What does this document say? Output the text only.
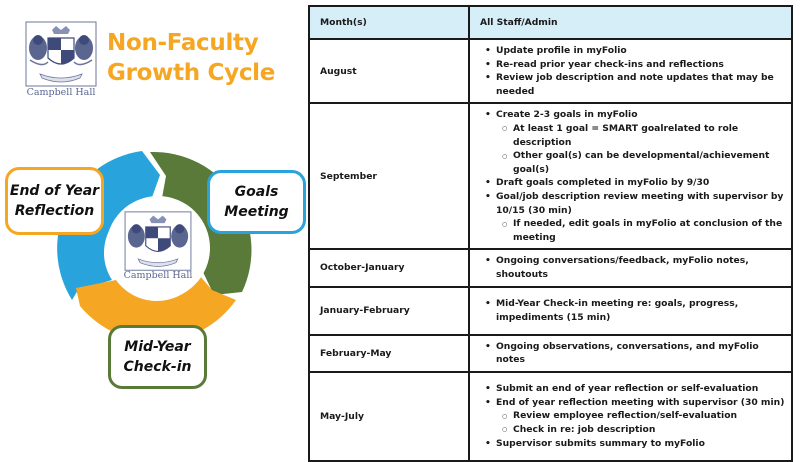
Campbell Hall
Non-Faculty
Growth Cycle
Campbell Hall
End of Year
Reflection
Goals
Meeting
Mid-Year
Check-in
Month(s)	All Staff/Admin
August	
• Update profile in myFolio
• Re-read prior year check-ins and reflections
• Review job description and note updates that may be needed

September	
• Create 2-3 goals in myFolio
○ At least 1 goal = SMART goalrelated to role description
○ Other goal(s) can be developmental/achievement goal(s)
• Draft goals completed in myFolio by 9/30
• Goal/job description review meeting with supervisor by 10/15 (30 min)
○ If needed, edit goals in myFolio at conclusion of the meeting

October-January	
• Ongoing conversations/feedback, myFolio notes, shoutouts

January-February	
• Mid-Year Check-in meeting re: goals, progress, impediments (15 min)

February-May	
• Ongoing observations, conversations, and myFolio notes

May-July	
• Submit an end of year reflection or self-evaluation
• End of year reflection meeting with supervisor (30 min)
○ Review employee reflection/self-evaluation
○ Check in re: job description
• Supervisor submits summary to myFolio
